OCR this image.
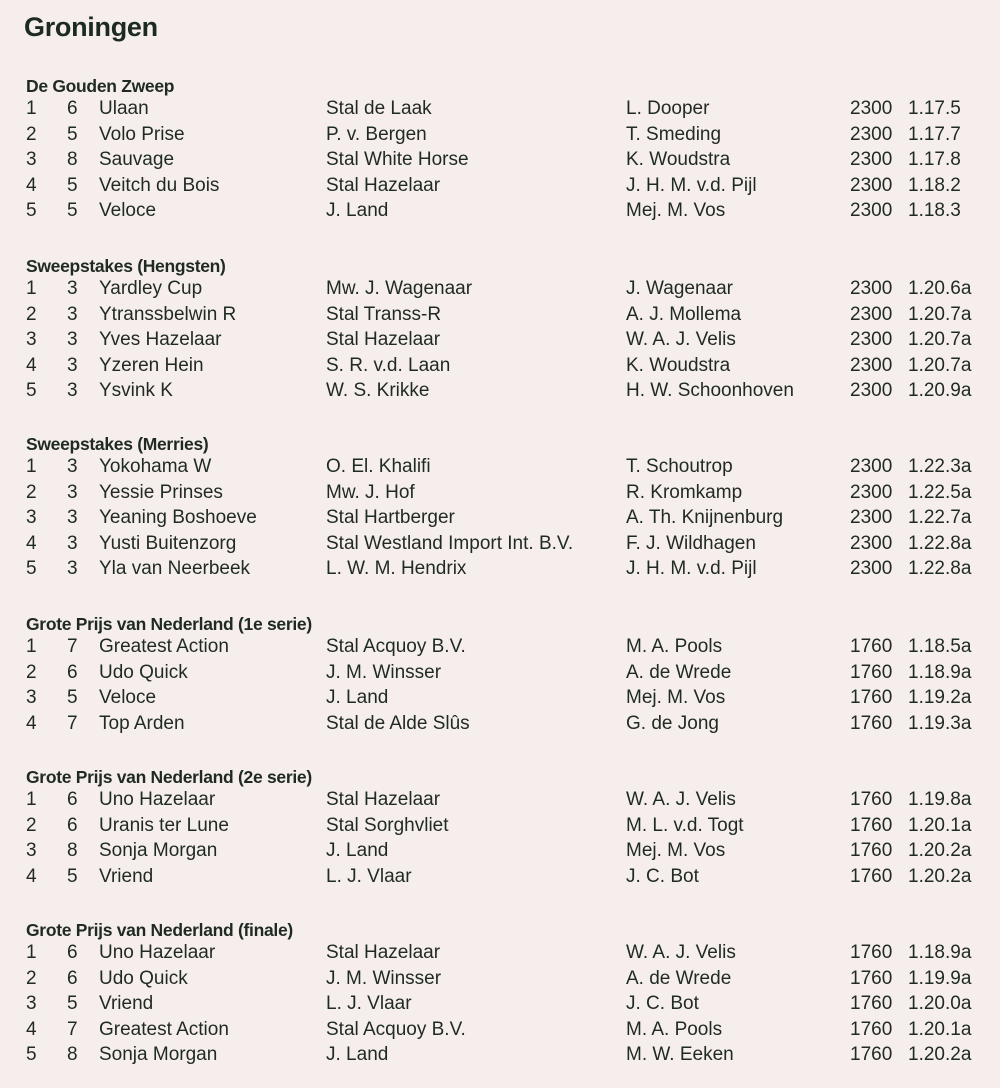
Groningen
De Gouden Zweep
1 6 Ulaan	Stal de Laak	L. Dooper	2300 1.17.5
2 5 Volo Prise	P. v. Bergen	T. Smeding	2300 1.17.7
3 8 Sauvage	Stal White Horse	K. Woudstra	2300 1.17.8
4 5 Veitch du Bois	Stal Hazelaar	J. H. M. v.d. Pijl	2300 1.18.2
5 5 Veloce	J. Land	Mej. M. Vos	2300 1.18.3
Sweepstakes (Hengsten)
1 3 Yardley Cup	Mw. J. Wagenaar	J. Wagenaar	2300 1.20.6a
2 3 Ytranssbelwin R	Stal Transs-R	A. J. Mollema	2300 1.20.7a
3 3 Yves Hazelaar	Stal Hazelaar	W. A. J. Velis	2300 1.20.7a
4 3 Yzeren Hein	S. R. v.d. Laan	K. Woudstra	2300 1.20.7a
5 3 Ysvink K	W. S. Krikke	H. W. Schoonhoven	2300 1.20.9a
Sweepstakes (Merries)
1 3 Yokohama W	O. El. Khalifi	T. Schoutrop	2300 1.22.3a
2 3 Yessie Prinses	Mw. J. Hof	R. Kromkamp	2300 1.22.5a
3 3 Yeaning Boshoeve	Stal Hartberger	A. Th. Knijnenburg	2300 1.22.7a
4 3 Yusti Buitenzorg	Stal Westland Import Int. B.V.	F. J. Wildhagen	2300 1.22.8a
5 3 Yla van Neerbeek	L. W. M. Hendrix	J. H. M. v.d. Pijl	2300 1.22.8a
Grote Prijs van Nederland (1e serie)
1 7 Greatest Action	Stal Acquoy B.V.	M. A. Pools	1760 1.18.5a
2 6 Udo Quick	J. M. Winsser	A. de Wrede	1760 1.18.9a
3 5 Veloce	J. Land	Mej. M. Vos	1760 1.19.2a
4 7 Top Arden	Stal de Alde Slûs	G. de Jong	1760 1.19.3a
Grote Prijs van Nederland (2e serie)
1 6 Uno Hazelaar	Stal Hazelaar	W. A. J. Velis	1760 1.19.8a
2 6 Uranis ter Lune	Stal Sorghvliet	M. L. v.d. Togt	1760 1.20.1a
3 8 Sonja Morgan	J. Land	Mej. M. Vos	1760 1.20.2a
4 5 Vriend	L. J. Vlaar	J. C. Bot	1760 1.20.2a
Grote Prijs van Nederland (finale)
1 6 Uno Hazelaar	Stal Hazelaar	W. A. J. Velis	1760 1.18.9a
2 6 Udo Quick	J. M. Winsser	A. de Wrede	1760 1.19.9a
3 5 Vriend	L. J. Vlaar	J. C. Bot	1760 1.20.0a
4 7 Greatest Action	Stal Acquoy B.V.	M. A. Pools	1760 1.20.1a
5 8 Sonja Morgan	J. Land	M. W. Eeken	1760 1.20.2a
